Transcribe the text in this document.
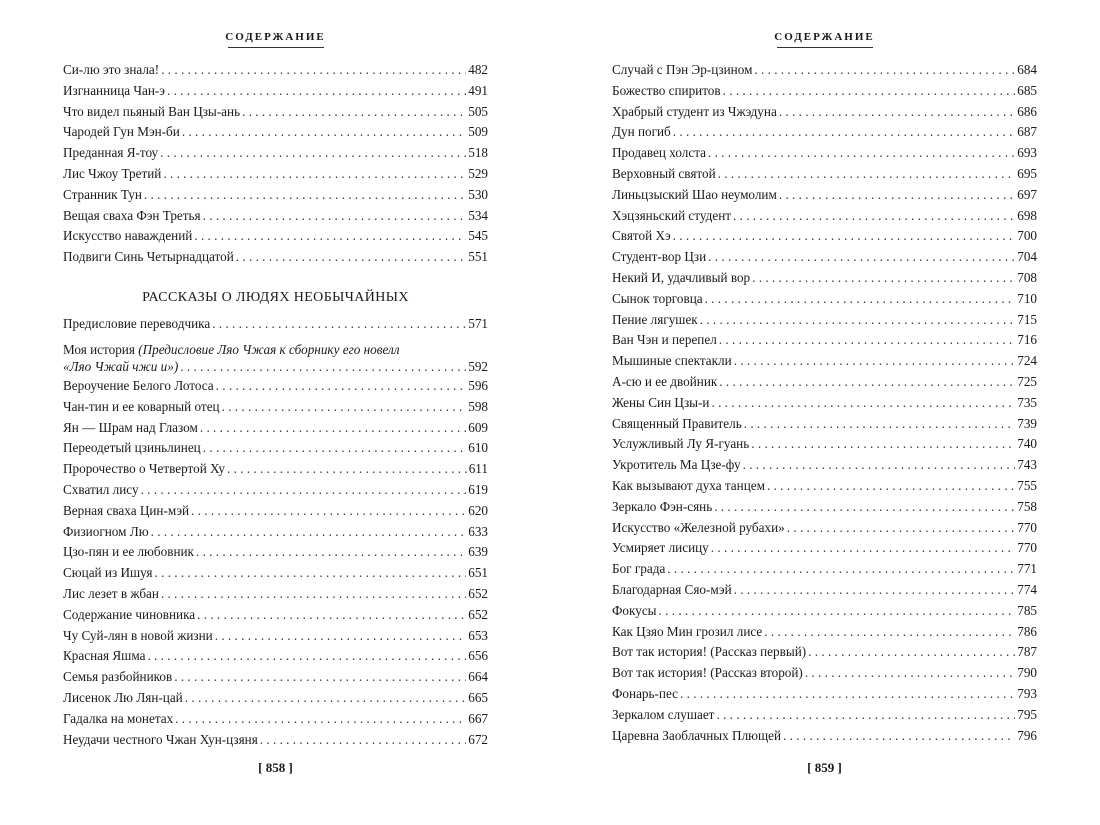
СОДЕРЖАНИЕ
Си-лю это знала! . . .	482
Изгнанница Чан-э . . .	491
Что видел пьяный Ван Цзы-ань . . .	505
Чародей Гун Мэн-би . . .	509
Преданная Я-тоу . . .	518
Лис Чжоу Третий . . .	529
Странник Тун . . .	530
Вещая сваха Фэн Третья . . .	534
Искусство наваждений . . .	545
Подвиги Синь Четырнадцатой . . .	551
РАССКАЗЫ О ЛЮДЯХ НЕОБЫЧАЙНЫХ
Предисловие переводчика . . .	571
Моя история (Предисловие Ляо Чжая к сборнику его новелл
«Ляо Чжай чжи и») . . .	592
Вероучение Белого Лотоса . . .	596
Чан-тин и ее коварный отец . . .	598
Ян — Шрам над Глазом . . .	609
Переодетый цзиньлинец . . .	610
Пророчество о Четвертой Ху . . .	611
Схватил лису . . .	619
Верная сваха Цин-мэй . . .	620
Физиогном Лю . . .	633
Цзо-пян и ее любовник . . .	639
Сюцай из Ишуя . . .	651
Лис лезет в жбан . . .	652
Содержание чиновника . . .	652
Чу Суй-лян в новой жизни . . .	653
Красная Яшма . . .	656
Семья разбойников . . .	664
Лисенок Лю Лян-цай . . .	665
Гадалка на монетах . . .	667
Неудачи честного Чжан Хун-цзяня . . .	672
[ 858 ]
СОДЕРЖАНИЕ
Случай с Пэн Эр-цзином . . .	684
Божество спиритов . . .	685
Храбрый студент из Чжэдуна . . .	686
Дун погиб . . .	687
Продавец холста . . .	693
Верховный святой . . .	695
Линьцзыский Шао неумолим . . .	697
Хэцзяньский студент . . .	698
Святой Хэ . . .	700
Студент-вор Цзи . . .	704
Некий И, удачливый вор . . .	708
Сынок торговца . . .	710
Пение лягушек . . .	715
Ван Чэн и перепел . . .	716
Мышиные спектакли . . .	724
А-сю и ее двойник . . .	725
Жены Син Цзы-и . . .	735
Священный Правитель . . .	739
Услужливый Лу Я-гуань . . .	740
Укротитель Ма Цзе-фу . . .	743
Как вызывают духа танцем . . .	755
Зеркало Фэн-сянь . . .	758
Искусство «Железной рубахи» . . .	770
Усмиряет лисицу . . .	770
Бог града . . .	771
Благодарная Сяо-мэй . . .	774
Фокусы . . .	785
Как Цзяо Мин грозил лисе . . .	786
Вот так история! (Рассказ первый) . . .	787
Вот так история! (Рассказ второй) . . .	790
Фонарь-пес . . .	793
Зеркалом слушает . . .	795
Царевна Заоблачных Плющей . . .	796
[ 859 ]
